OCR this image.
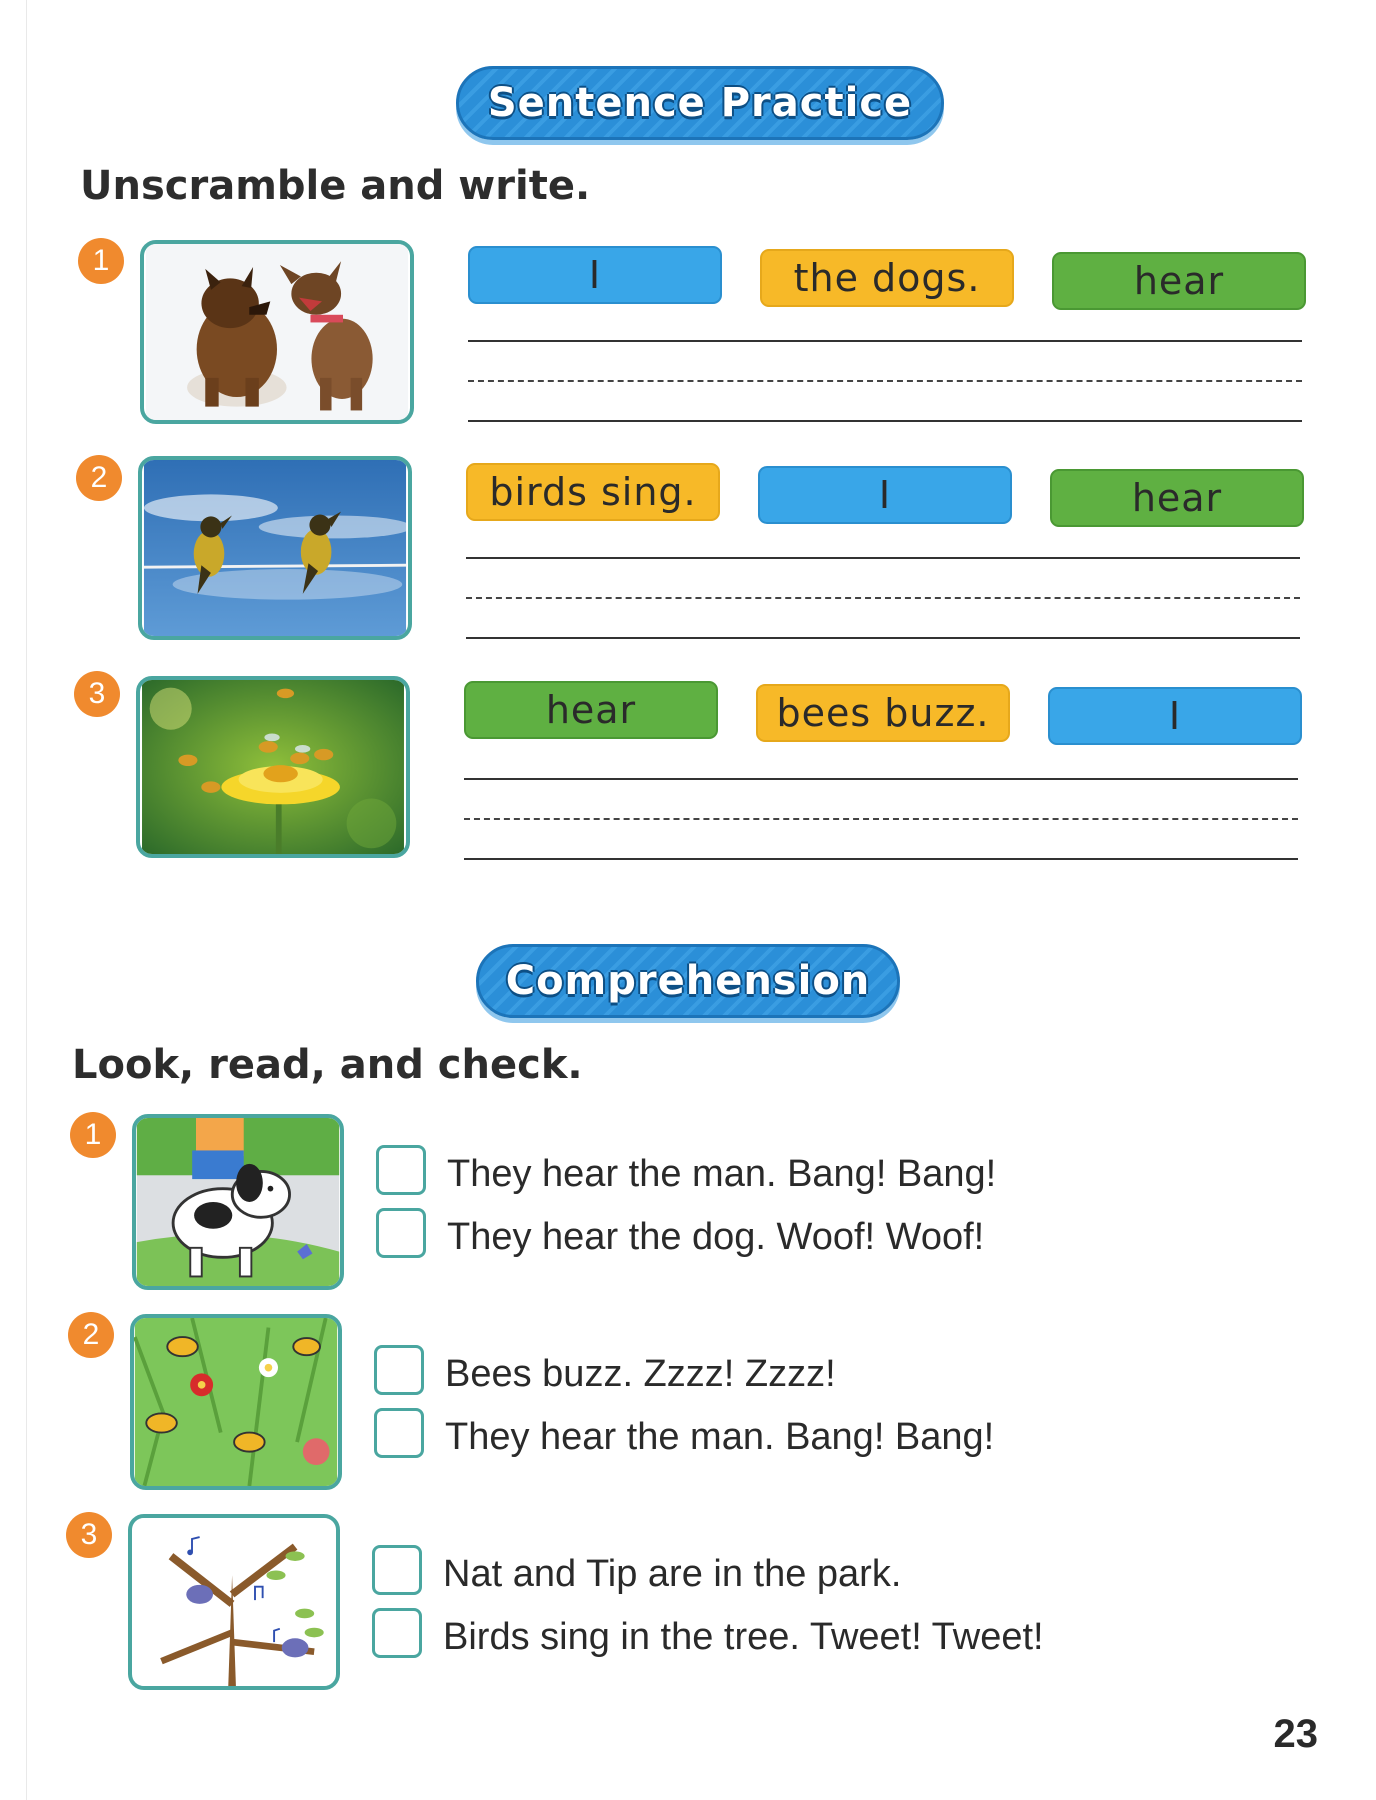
Sentence Practice
Unscramble and write.
1	I	the dogs.	hear
2	birds sing.	I	hear
3	hear	bees buzz.	I
Comprehension
Look, read, and check.
1
They hear the man. Bang! Bang!
They hear the dog. Woof! Woof!
2
Bees buzz. Zzzz! Zzzz!
They hear the man. Bang! Bang!
3
Nat and Tip are in the park.
Birds sing in the tree. Tweet! Tweet!
23
